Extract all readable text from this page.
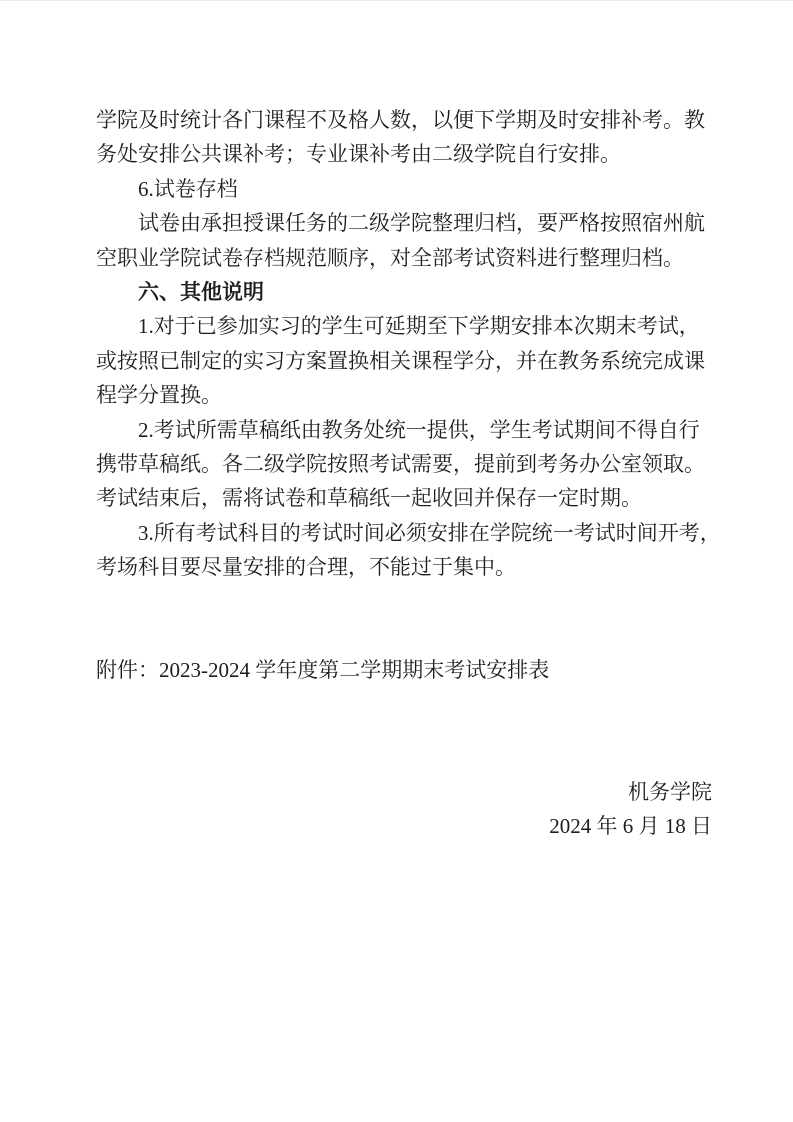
学院及时统计各门课程不及格人数，以便下学期及时安排补考。教
务处安排公共课补考；专业课补考由二级学院自行安排。
6.试卷存档
试卷由承担授课任务的二级学院整理归档，要严格按照宿州航
空职业学院试卷存档规范顺序，对全部考试资料进行整理归档。
六、其他说明
1.对于已参加实习的学生可延期至下学期安排本次期末考试，
或按照已制定的实习方案置换相关课程学分，并在教务系统完成课
程学分置换。
2.考试所需草稿纸由教务处统一提供，学生考试期间不得自行
携带草稿纸。各二级学院按照考试需要，提前到考务办公室领取。
考试结束后，需将试卷和草稿纸一起收回并保存一定时期。
3.所有考试科目的考试时间必须安排在学院统一考试时间开考，
考场科目要尽量安排的合理，不能过于集中。
附件：2023-2024 学年度第二学期期末考试安排表
机务学院
2024 年 6 月 18 日
